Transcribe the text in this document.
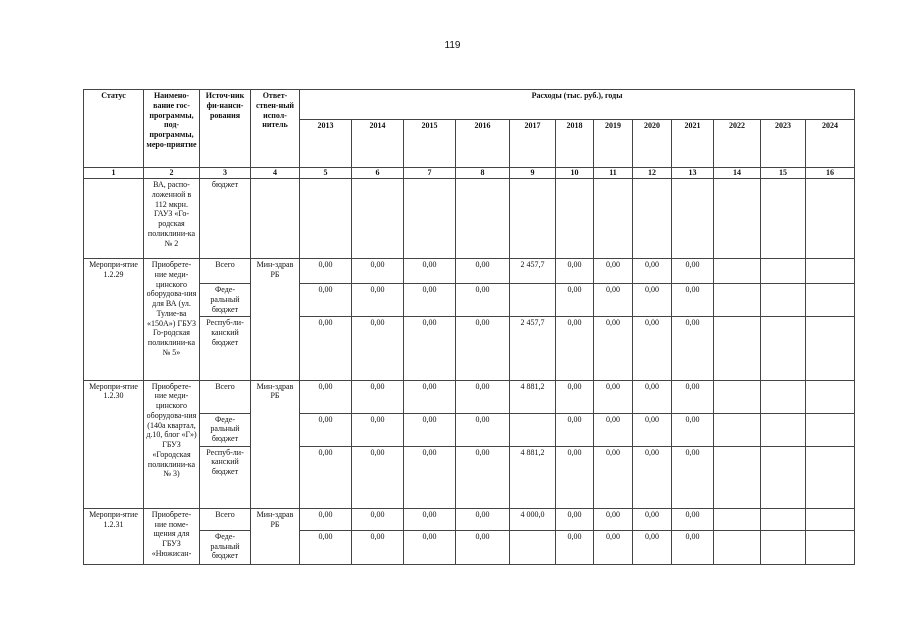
119
Статус	Наимено-вание гос-программы, под-программы, меро-приятие	Источ-ник фи-нанси-рования	Ответ-ствен-ный испол-нитель	Расходы (тыс. руб.), годы											
				2013	2014	2015	2016	2017	2018	2019	2020	2021	2022	2023	2024
1	2	3	4	5	6	7	8	9	10	11	12	13	14	15	16
	ВА, распо-ложенной в 112 мкрн. ГАУЗ «Го-родская поликлини-ка № 2	бюджет													
Меропри-ятие 1.2.29	Приобрете-ние меди-цинского оборудова-ния для ВА (ул. Тулие-ва «150А») ГБУЗ Го-родская поликлини-ка № 5»	Всего	Мин-здрав РБ	0,00	0,00	0,00	0,00	2 457,7	0,00	0,00	0,00	0,00			
		Феде-ральный бюджет		0,00	0,00	0,00	0,00		0,00	0,00	0,00	0,00			
		Респуб-ли-канский бюджет		0,00	0,00	0,00	0,00	2 457,7	0,00	0,00	0,00	0,00			
Меропри-ятие 1.2.30	Приобрете-ние меди-цинского оборудова-ния (140а квартал, д.10, блог «Г») ГБУЗ «Городская поликлини-ка № 3)	Всего	Мин-здрав РБ	0,00	0,00	0,00	0,00	4 881,2	0,00	0,00	0,00	0,00			
		Феде-ральный бюджет		0,00	0,00	0,00	0,00		0,00	0,00	0,00	0,00			
		Респуб-ли-канский бюджет		0,00	0,00	0,00	0,00	4 881,2	0,00	0,00	0,00	0,00			
Меропри-ятие 1.2.31	Приобрете-ние поме-щения для ГБУЗ «Нюжисан-	Всего	Мин-здрав РБ	0,00	0,00	0,00	0,00	4 000,0	0,00	0,00	0,00	0,00			
		Феде-ральный бюджет		0,00	0,00	0,00	0,00		0,00	0,00	0,00	0,00			
